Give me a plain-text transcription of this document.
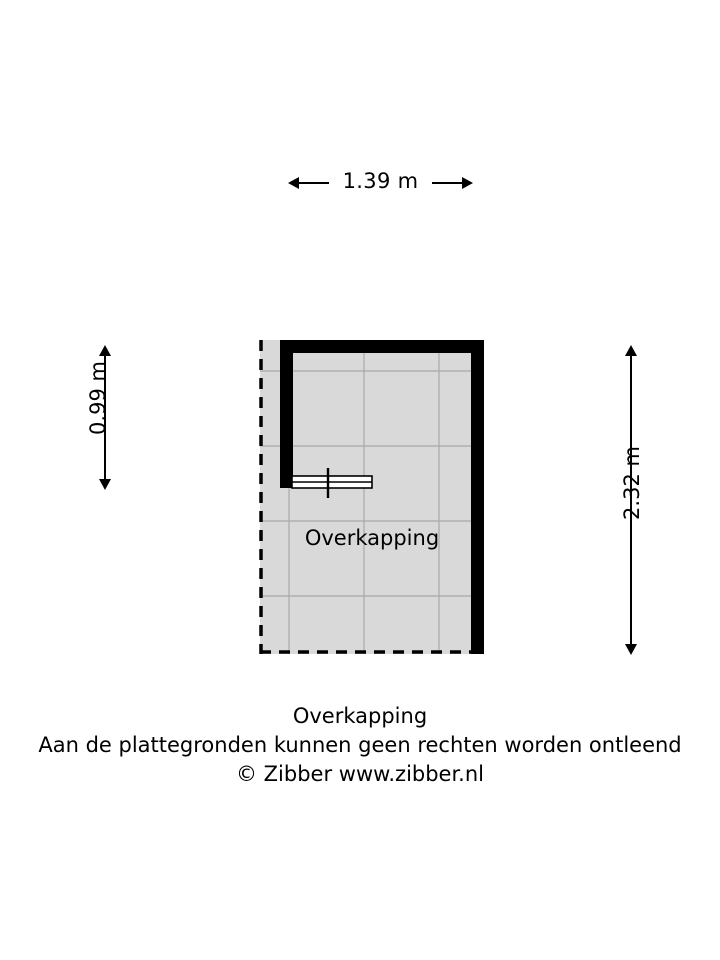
1.39 m
0.99 m
2.32 m
Overkapping
Overkapping
Aan de plattegronden kunnen geen rechten worden ontleend
© Zibber www.zibber.nl
